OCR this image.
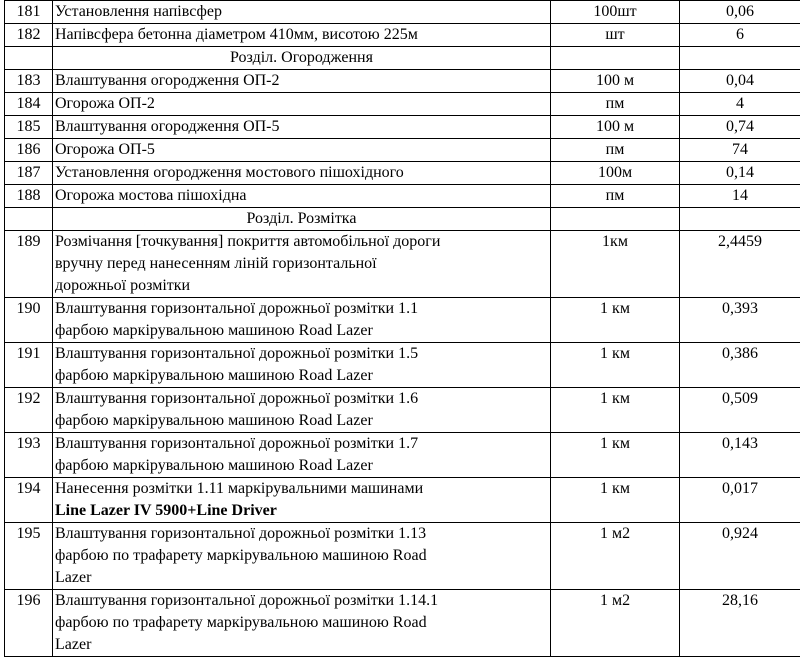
181	Установлення напівсфер	100шт	0,06
182	Напівсфера бетонна діаметром 410мм, висотою 225м	шт	6
	Розділ. Огородження		
183	Влаштування огородження ОП-2	100 м	0,04
184	Огорожа ОП-2	пм	4
185	Влаштування огородження ОП-5	100 м	0,74
186	Огорожа ОП-5	пм	74
187	Установлення огородження мостового пішохідного	100м	0,14
188	Огорожа мостова пішохідна	пм	14
	Розділ. Розмітка		
189	Розмічання [точкування] покриття автомобільної дороги
вручну перед нанесенням ліній горизонтальної
дорожньої розмітки	1км	2,4459
190	Влаштування горизонтальної дорожньої розмітки 1.1
фарбою маркірувальною машиною Road Lazer	1 км	0,393
191	Влаштування горизонтальної дорожньої розмітки 1.5
фарбою маркірувальною машиною Road Lazer	1 км	0,386
192	Влаштування горизонтальної дорожньої розмітки 1.6
фарбою маркірувальною машиною Road Lazer	1 км	0,509
193	Влаштування горизонтальної дорожньої розмітки 1.7
фарбою маркірувальною машиною Road Lazer	1 км	0,143
194	Нанесення розмітки 1.11 маркірувальними машинами
Line Lazer IV 5900+Line Driver	1 км	0,017
195	Влаштування горизонтальної дорожньої розмітки 1.13
фарбою по трафарету маркірувальною машиною Road
Lazer	1 м2	0,924
196	Влаштування горизонтальної дорожньої розмітки 1.14.1
фарбою по трафарету маркірувальною машиною Road
Lazer	1 м2	28,16
